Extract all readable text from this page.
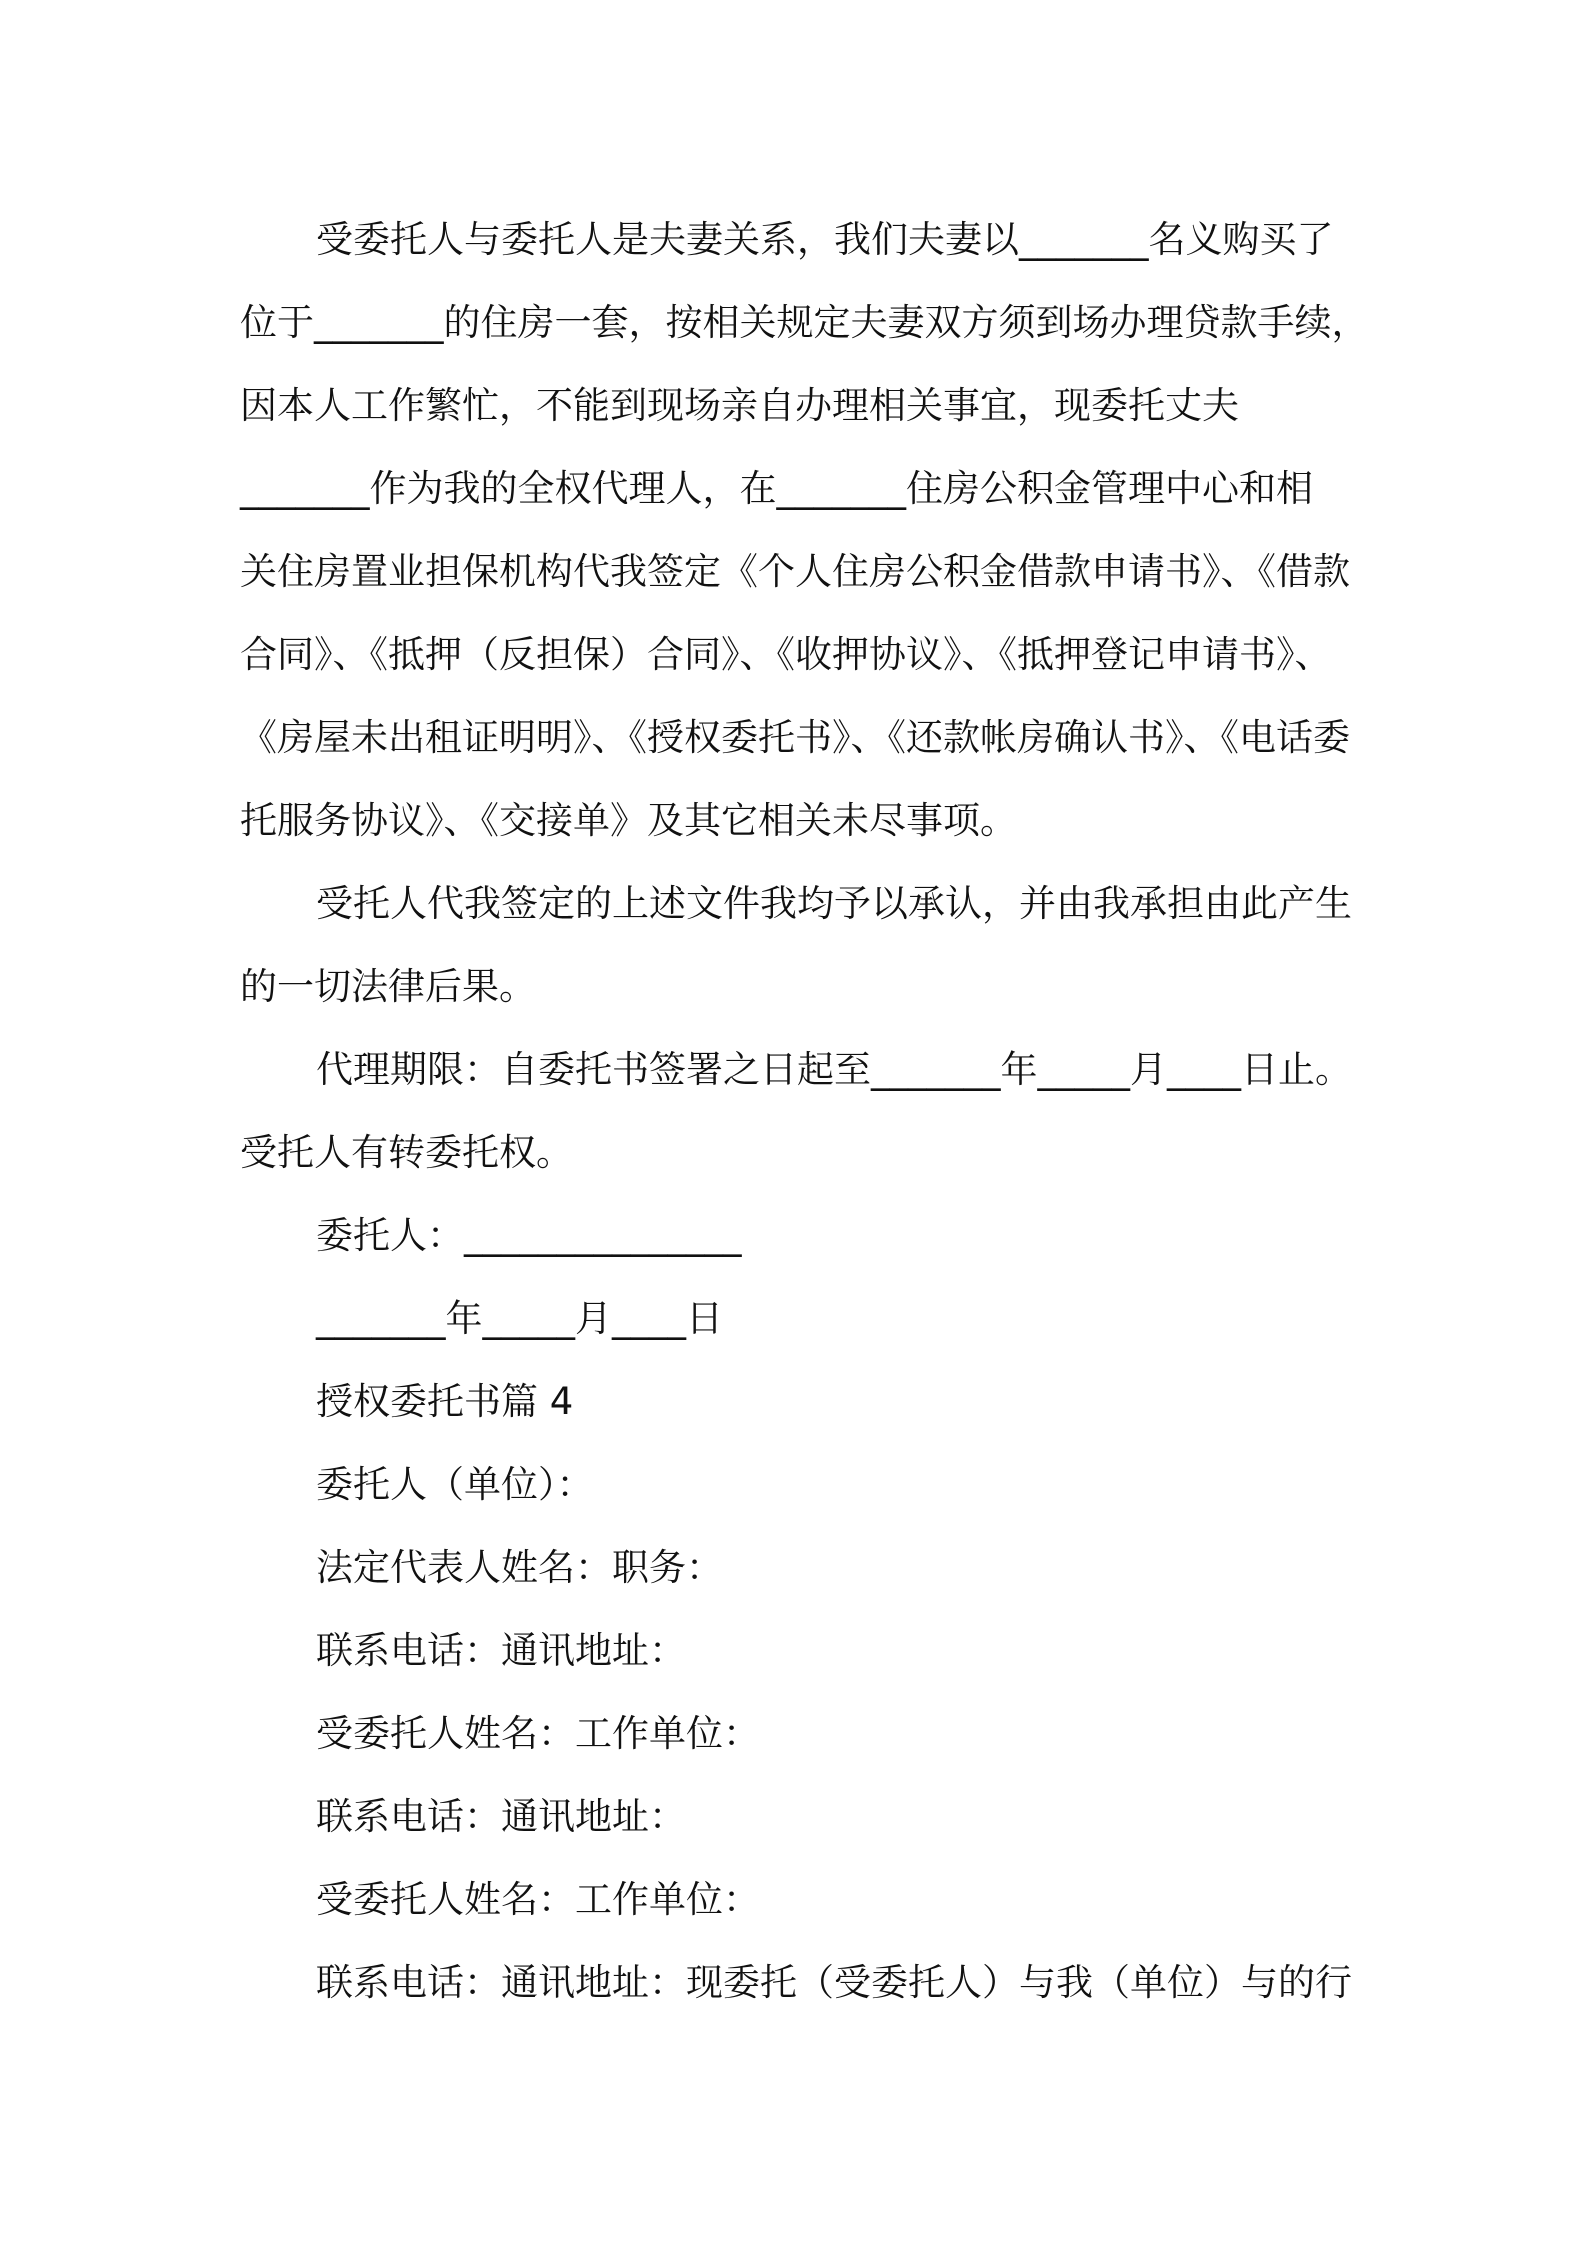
受委托人与委托人是夫妻关系，我们夫妻以_______名义购买了

位于_______的住房一套，按相关规定夫妻双方须到场办理贷款手续，

因本人工作繁忙，不能到现场亲自办理相关事宜，现委托丈夫

_______作为我的全权代理人，在_______住房公积金管理中心和相

关住房置业担保机构代我签定《个人住房公积金借款申请书》、《借款

合同》、《抵押（反担保）合同》、《收押协议》、《抵押登记申请书》、

《房屋未出租证明明》、《授权委托书》、《还款帐房确认书》、《电话委

托服务协议》、《交接单》及其它相关未尽事项。

受托人代我签定的上述文件我均予以承认，并由我承担由此产生

的一切法律后果。

代理期限：自委托书签署之日起至_______年_____月____日止。

受托人有转委托权。

委托人：_______________

_______年_____月____日

授权委托书篇 4

委托人（单位）：

法定代表人姓名：职务：

联系电话：通讯地址：

受委托人姓名：工作单位：

联系电话：通讯地址：

受委托人姓名：工作单位：

联系电话：通讯地址：现委托（受委托人）与我（单位）与的行
